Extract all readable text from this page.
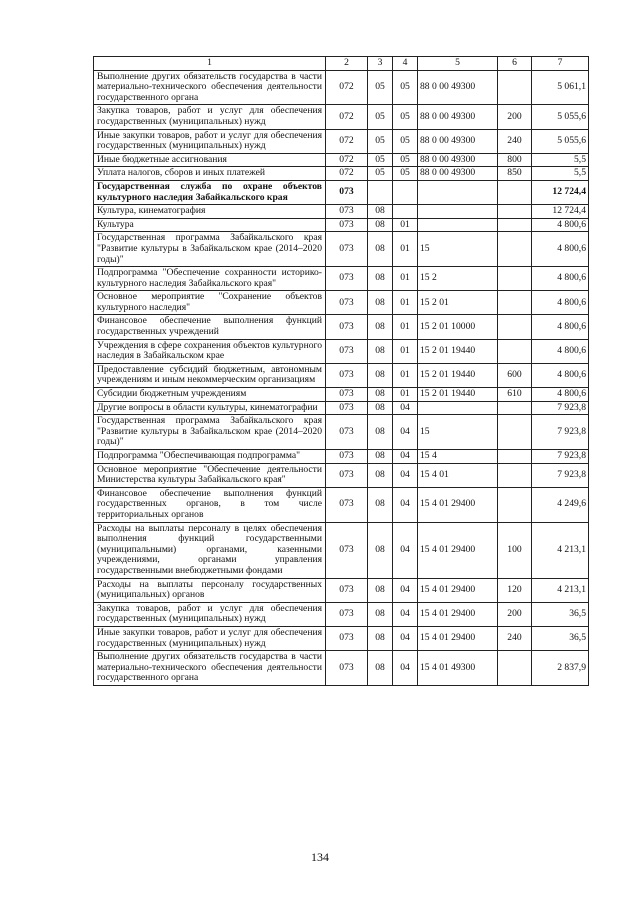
1	2	3	4	5	6	7
Выполнение других обязательств государства в части материально-технического обеспечения деятельности государственного органа	072	05	05	88 0 00 49300		5 061,1
Закупка товаров, работ и услуг для обеспечения государственных (муниципальных) нужд	072	05	05	88 0 00 49300	200	5 055,6
Иные закупки товаров, работ и услуг для обеспечения государственных (муниципальных) нужд	072	05	05	88 0 00 49300	240	5 055,6
Иные бюджетные ассигнования	072	05	05	88 0 00 49300	800	5,5
Уплата налогов, сборов и иных платежей	072	05	05	88 0 00 49300	850	5,5
Государственная служба по охране объектов культурного наследия Забайкальского края	073					12 724,4
Культура, кинематография	073	08				12 724,4
Культура	073	08	01			4 800,6
Государственная программа Забайкальского края "Развитие культуры в Забайкальском крае (2014–2020 годы)"	073	08	01	15		4 800,6
Подпрограмма "Обеспечение сохранности историко-культурного наследия Забайкальского края"	073	08	01	15 2		4 800,6
Основное мероприятие "Сохранение объектов культурного наследия"	073	08	01	15 2 01		4 800,6
Финансовое обеспечение выполнения функций государственных учреждений	073	08	01	15 2 01 10000		4 800,6
Учреждения в сфере сохранения объектов культурного наследия в Забайкальском крае	073	08	01	15 2 01 19440		4 800,6
Предоставление субсидий бюджетным, автономным учреждениям и иным некоммерческим организациям	073	08	01	15 2 01 19440	600	4 800,6
Субсидии бюджетным учреждениям	073	08	01	15 2 01 19440	610	4 800,6
Другие вопросы в области культуры, кинематографии	073	08	04			7 923,8
Государственная программа Забайкальского края "Развитие культуры в Забайкальском крае (2014–2020 годы)"	073	08	04	15		7 923,8
Подпрограмма "Обеспечивающая подпрограмма"	073	08	04	15 4		7 923,8
Основное мероприятие "Обеспечение деятельности Министерства культуры Забайкальского края"	073	08	04	15 4 01		7 923,8
Финансовое обеспечение выполнения функций государственных органов, в том числе территориальных органов	073	08	04	15 4 01 29400		4 249,6
Расходы на выплаты персоналу в целях обеспечения выполнения функций государственными (муниципальными) органами, казенными учреждениями, органами управления государственными внебюджетными фондами	073	08	04	15 4 01 29400	100	4 213,1
Расходы на выплаты персоналу государственных (муниципальных) органов	073	08	04	15 4 01 29400	120	4 213,1
Закупка товаров, работ и услуг для обеспечения государственных (муниципальных) нужд	073	08	04	15 4 01 29400	200	36,5
Иные закупки товаров, работ и услуг для обеспечения государственных (муниципальных) нужд	073	08	04	15 4 01 29400	240	36,5
Выполнение других обязательств государства в части материально-технического обеспечения деятельности государственного органа	073	08	04	15 4 01 49300		2 837,9
134
